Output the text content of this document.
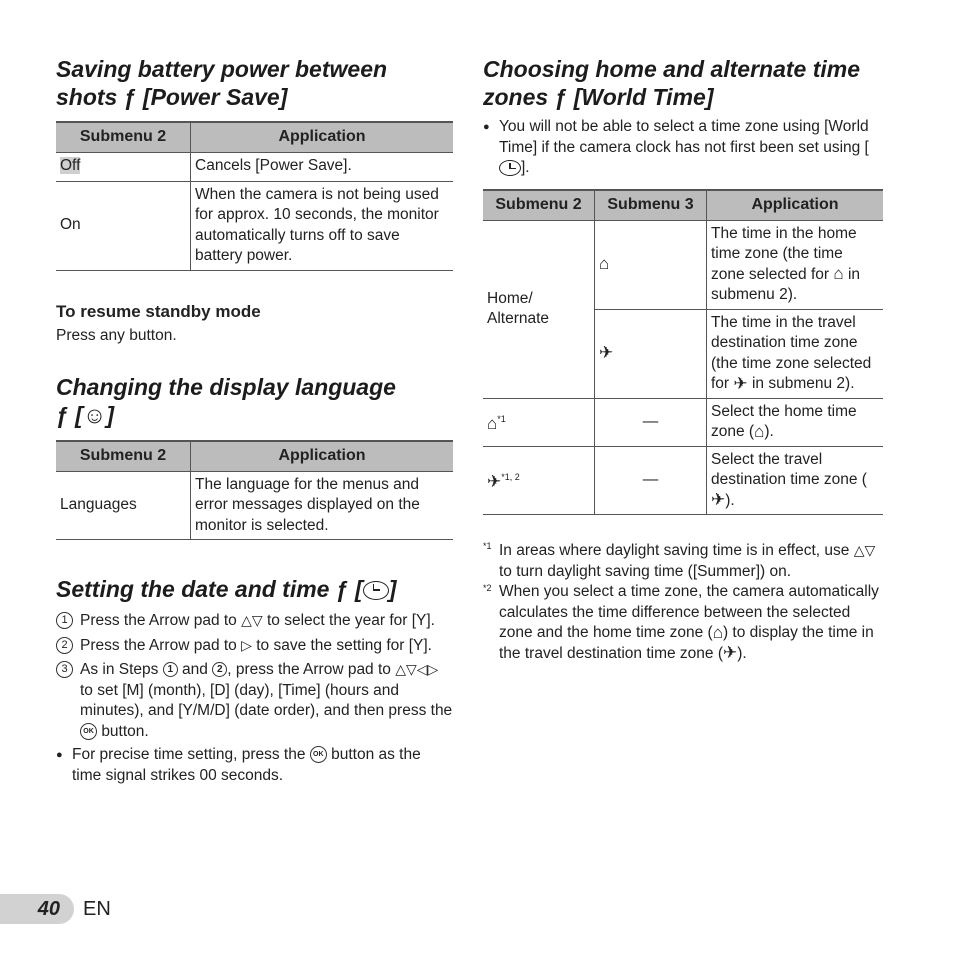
Saving battery power between
shots ƒ [Power Save]
Submenu 2	Application
Off	Cancels [Power Save].
On	When the camera is not being used for approx. 10 seconds, the monitor automatically turns off to save battery power.
To resume standby mode
Press any button.
Changing the display language
ƒ [☺]
Submenu 2	Application
Languages	The language for the menus and error messages displayed on the monitor is selected.
Setting the date and time ƒ [ ]
1 Press the Arrow pad to △▽ to select the year for [Y].
2 Press the Arrow pad to ▷ to save the setting for [Y].
3 As in Steps 1 and 2 , press the Arrow pad to △▽◁▷ to set [M] (month), [D] (day), [Time] (hours and minutes), and [Y/M/D] (date order), and then press the OK button.
● For precise time setting, press the OK button as the time signal strikes 00 seconds.
Choosing home and alternate time
zones ƒ [World Time]
● You will not be able to select a time zone using [World Time] if the camera clock has not first been set using [].
Submenu 2	Submenu 3	Application
Home/ Alternate	⌂	The time in the home time zone (the time zone selected for ⌂ in submenu 2).
	✈	The time in the travel destination time zone (the time zone selected for ✈ in submenu 2).
⌂$^{*1}$	—	Select the home time zone (⌂).
✈$^{*1, 2}$	—	Select the travel destination time zone (✈).
*1 In areas where daylight saving time is in effect, use △▽ to turn daylight saving time ([Summer]) on.
*2 When you select a time zone, the camera automatically calculates the time difference between the selected zone and the home time zone (⌂) to display the time in the travel destination time zone (✈).
40	EN
